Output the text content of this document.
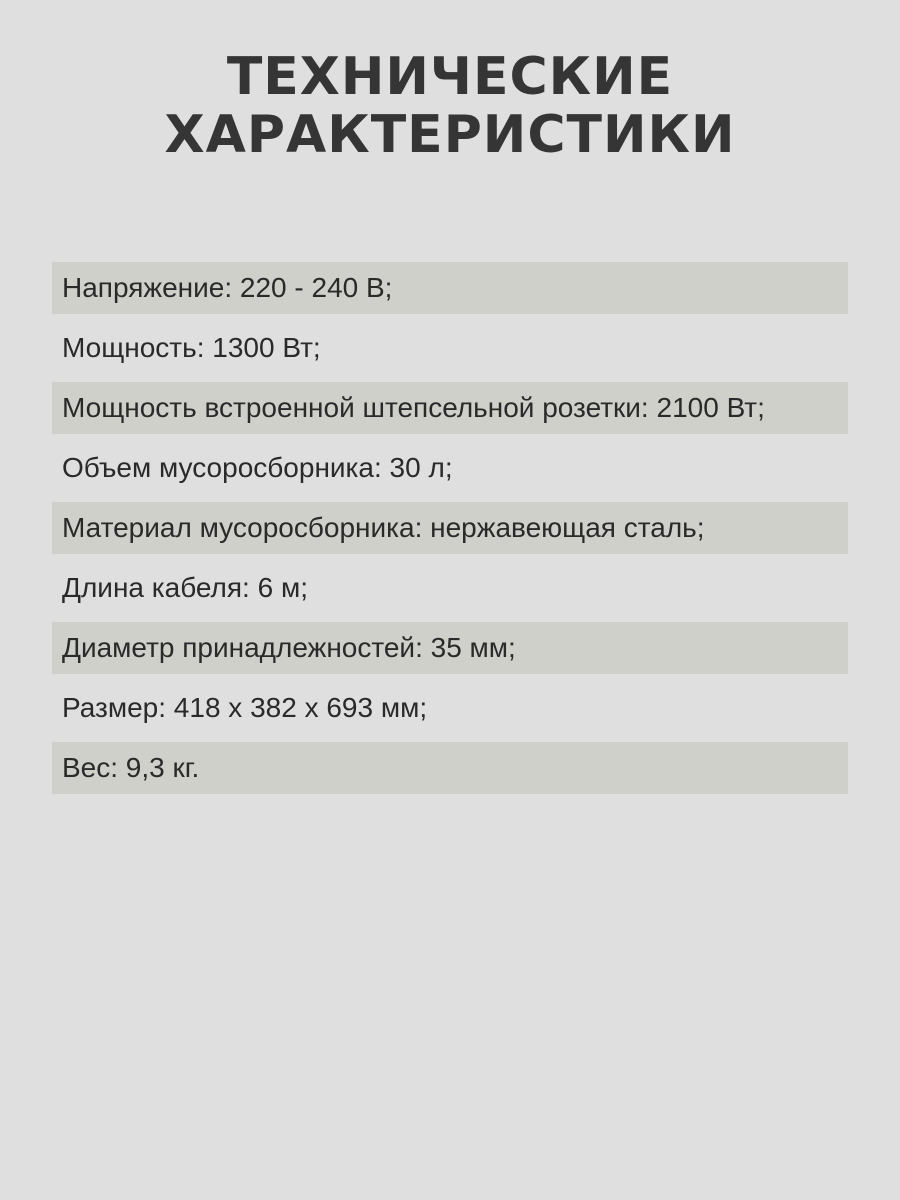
ТЕХНИЧЕСКИЕ
ХАРАКТЕРИСТИКИ
Напряжение: 220 - 240 В;
Мощность: 1300 Вт;
Мощность встроенной штепсельной розетки: 2100 Вт;
Объем мусоросборника: 30 л;
Материал мусоросборника: нержавеющая сталь;
Длина кабеля: 6 м;
Диаметр принадлежностей: 35 мм;
Размер: 418 х 382 х 693 мм;
Вес: 9,3 кг.
